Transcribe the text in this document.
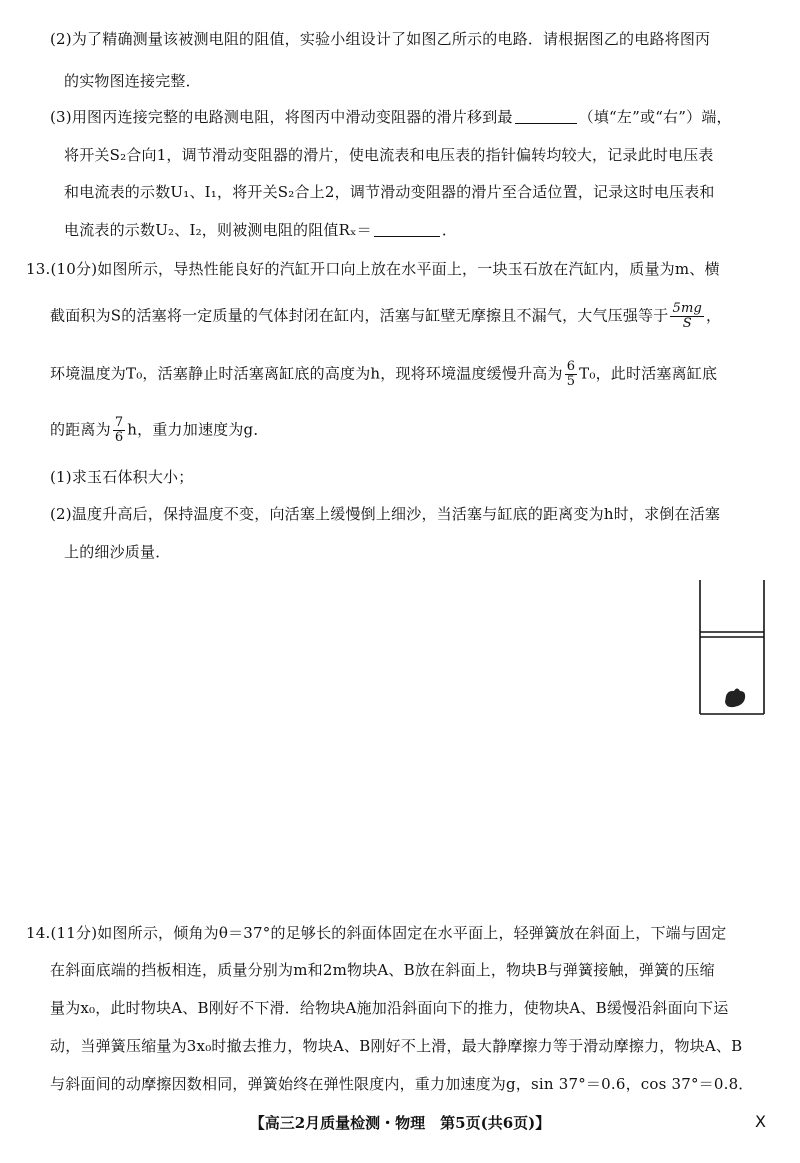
(2)为了精确测量该被测电阻的阻值，实验小组设计了如图乙所示的电路．请根据图乙的电路将图丙
的实物图连接完整．
(3)用图丙连接完整的电路测电阻，将图丙中滑动变阻器的滑片移到最	（填“左”或“右”）端，
将开关S₂合向1，调节滑动变阻器的滑片，使电流表和电压表的指针偏转均较大，记录此时电压表
和电流表的示数U₁、I₁，将开关S₂合上2，调节滑动变阻器的滑片至合适位置，记录这时电压表和
电流表的示数U₂、I₂，则被测电阻的阻值Rₓ＝	．
13.(10分)如图所示，导热性能良好的汽缸开口向上放在水平面上，一块玉石放在汽缸内，质量为m、横
截面积为S的活塞将一定质量的气体封闭在缸内，活塞与缸壁无摩擦且不漏气，大气压强等于 $\frac{5mg}{S}$ ，
环境温度为T₀，活塞静止时活塞离缸底的高度为h，现将环境温度缓慢升高为 $\frac{6}{5} T_0$，此时活塞离缸底
的距离为 $\frac{7}{6}$ h，重力加速度为g．
(1)求玉石体积大小；
(2)温度升高后，保持温度不变，向活塞上缓慢倒上细沙，当活塞与缸底的距离变为h时，求倒在活塞
上的细沙质量．
14.(11分)如图所示，倾角为θ＝37°的足够长的斜面体固定在水平面上，轻弹簧放在斜面上，下端与固定
在斜面底端的挡板相连，质量分别为m和2m物块A、B放在斜面上，物块B与弹簧接触，弹簧的压缩
量为x₀，此时物块A、B刚好不下滑．给物块A施加沿斜面向下的推力，使物块A、B缓慢沿斜面向下运
动，当弹簧压缩量为3x₀时撤去推力，物块A、B刚好不上滑，最大静摩擦力等于滑动摩擦力，物块A、B
与斜面间的动摩擦因数相同，弹簧始终在弹性限度内，重力加速度为g，sin 37°＝0.6，cos 37°＝0.8．
【高三2月质量检测・物理　第5页(共6页)】	X
